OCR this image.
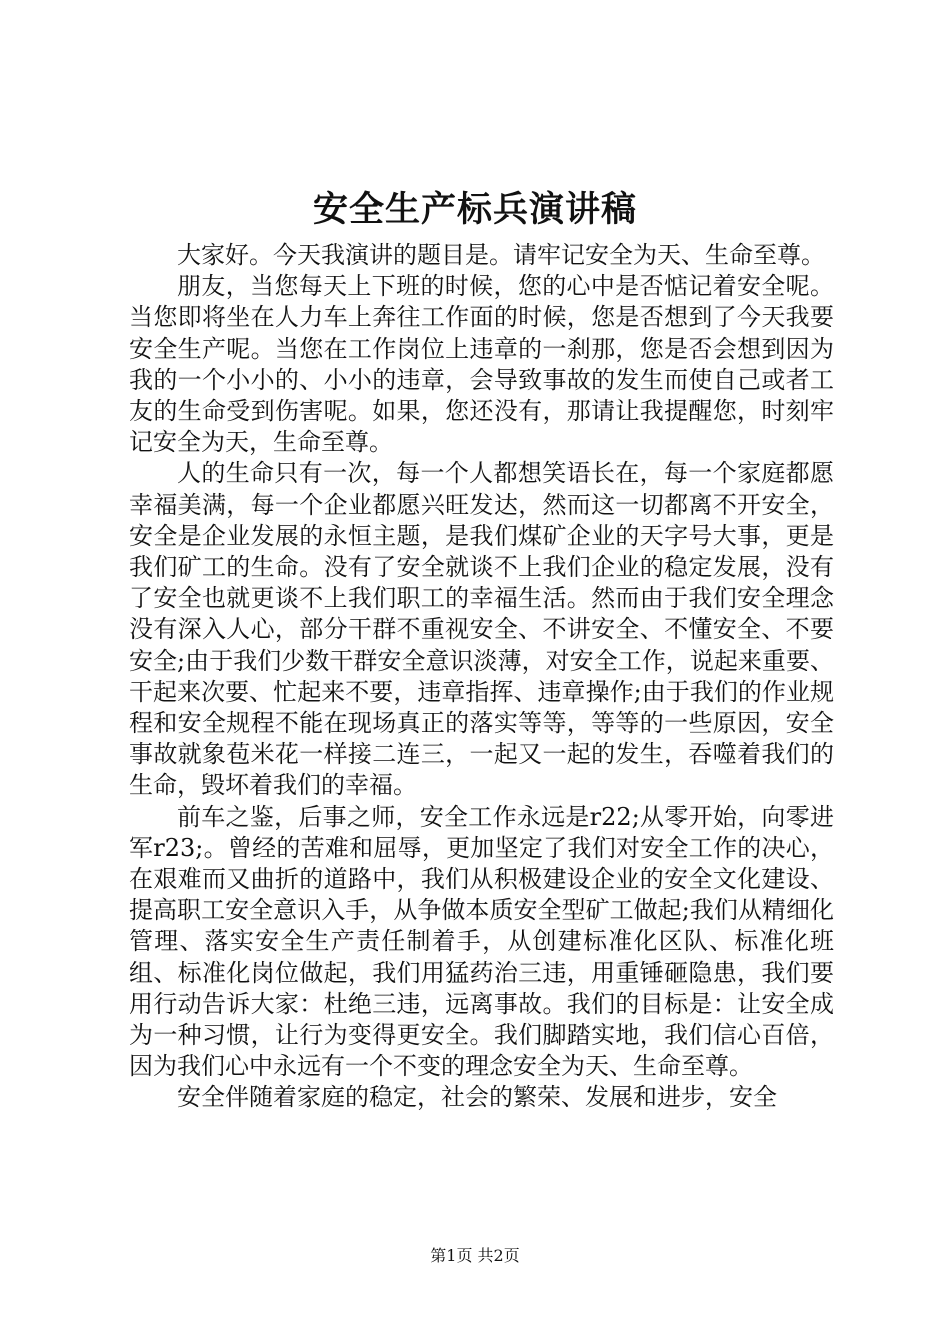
安全生产标兵演讲稿

大家好。今天我演讲的题目是。请牢记安全为天、生命至尊。

朋友，当您每天上下班的时候，您的心中是否惦记着安全呢。当您即将坐在人力车上奔往工作面的时候，您是否想到了今天我要安全生产呢。当您在工作岗位上违章的一刹那，您是否会想到因为我的一个小小的、小小的违章，会导致事故的发生而使自己或者工友的生命受到伤害呢。如果，您还没有，那请让我提醒您，时刻牢记安全为天，生命至尊。

人的生命只有一次，每一个人都想笑语长在，每一个家庭都愿幸福美满，每一个企业都愿兴旺发达，然而这一切都离不开安全，安全是企业发展的永恒主题，是我们煤矿企业的天字号大事，更是我们矿工的生命。没有了安全就谈不上我们企业的稳定发展，没有了安全也就更谈不上我们职工的幸福生活。然而由于我们安全理念没有深入人心，部分干群不重视安全、不讲安全、不懂安全、不要安全;由于我们少数干群安全意识淡薄，对安全工作，说起来重要、干起来次要、忙起来不要，违章指挥、违章操作;由于我们的作业规程和安全规程不能在现场真正的落实等等，等等的一些原因，安全事故就象苞米花一样接二连三，一起又一起的发生，吞噬着我们的生命，毁坏着我们的幸福。

前车之鉴，后事之师，安全工作永远是r22;从零开始，向零进军r23;。曾经的苦难和屈辱，更加坚定了我们对安全工作的决心，在艰难而又曲折的道路中，我们从积极建设企业的安全文化建设、提高职工安全意识入手，从争做本质安全型矿工做起;我们从精细化管理、落实安全生产责任制着手，从创建标准化区队、标准化班组、标准化岗位做起，我们用猛药治三违，用重锤砸隐患，我们要用行动告诉大家：杜绝三违，远离事故。我们的目标是：让安全成为一种习惯，让行为变得更安全。我们脚踏实地，我们信心百倍，因为我们心中永远有一个不变的理念安全为天、生命至尊。

安全伴随着家庭的稳定，社会的繁荣、发展和进步，安全

第1页 共2页
